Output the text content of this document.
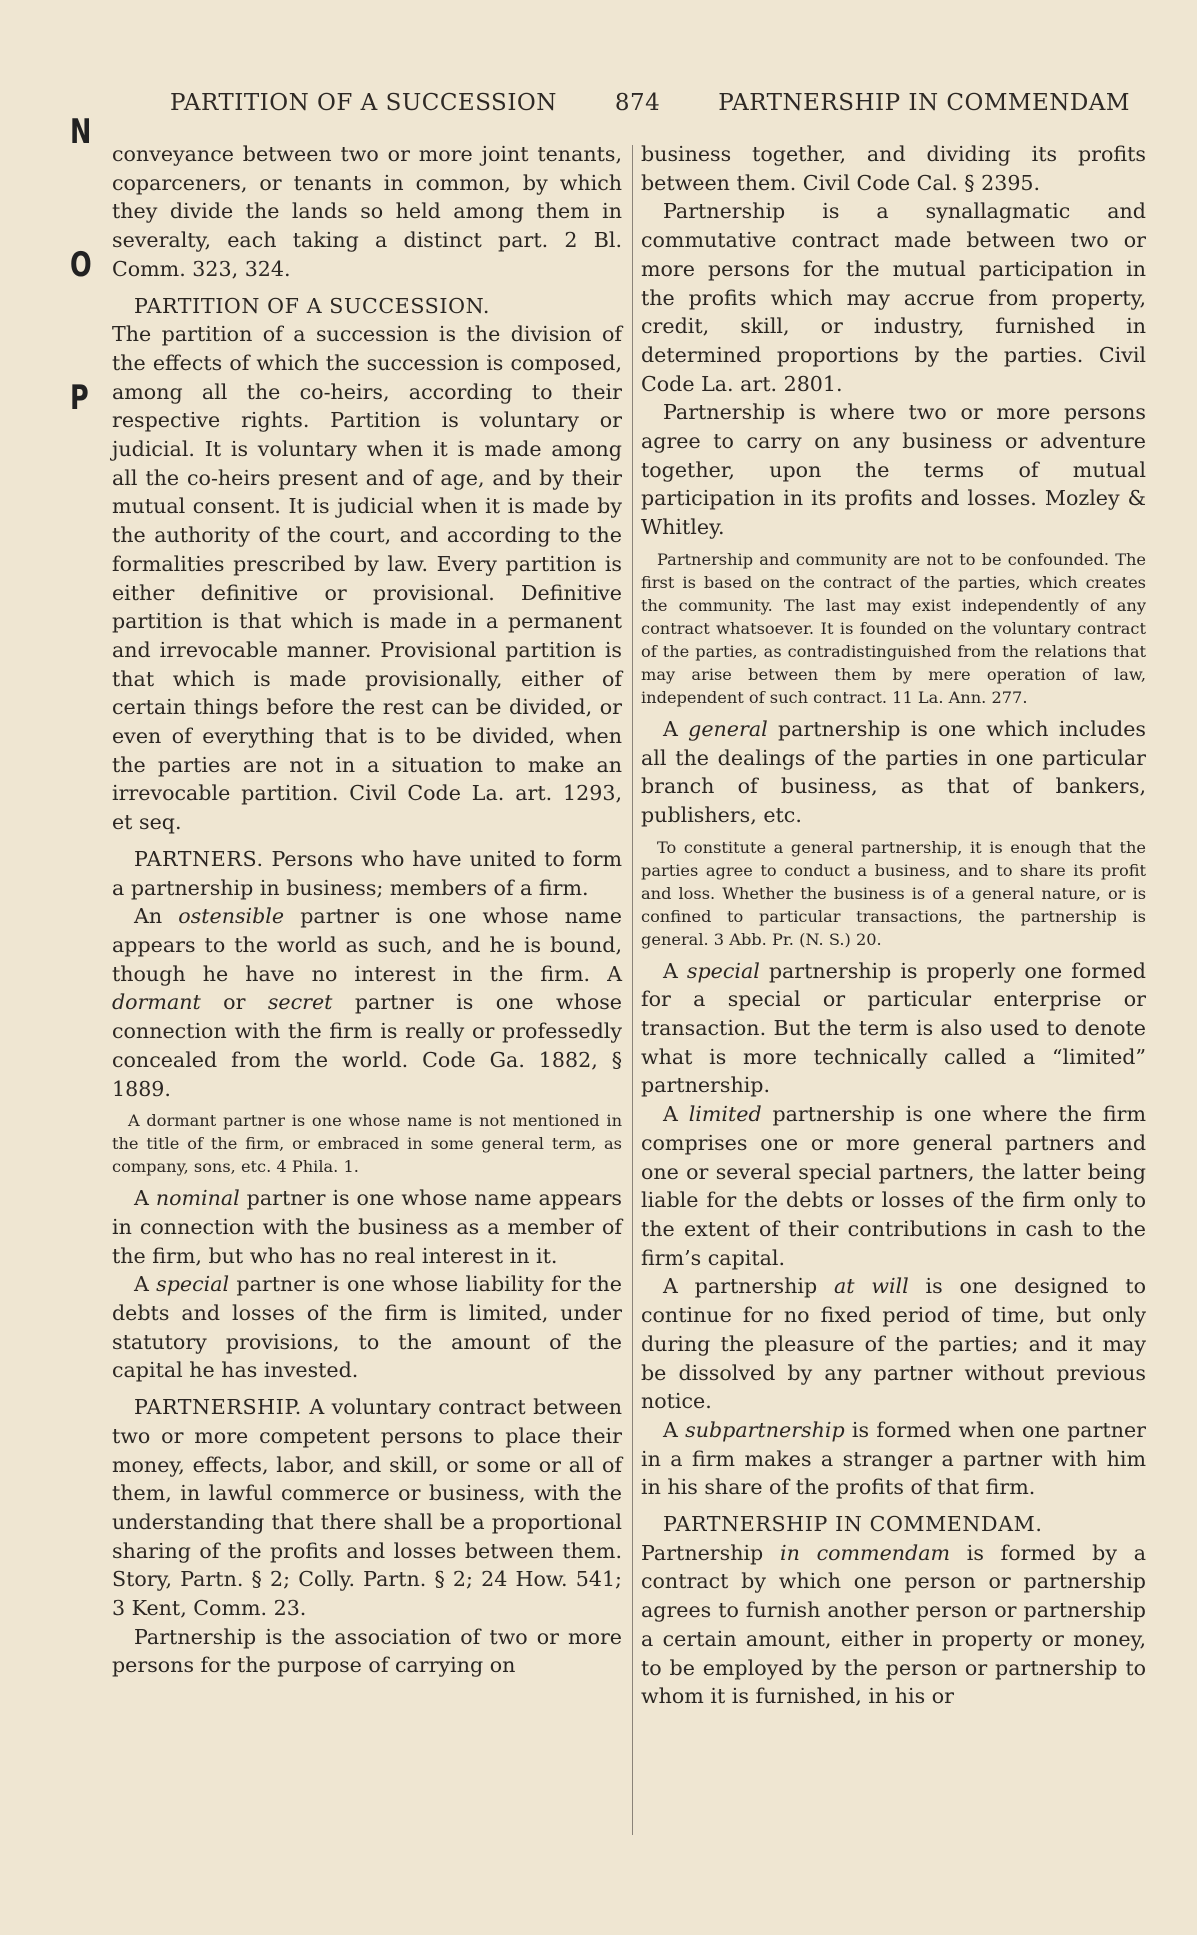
PARTITION OF A SUCCESSION	874	PARTNERSHIP IN COMMENDAM
N
O
P

conveyance between two or more joint tenants, coparceners, or tenants in common, by which they divide the lands so held among them in severalty, each taking a distinct part. 2 Bl. Comm. 323, 324.

PARTITION OF A SUCCESSION.

The partition of a succession is the division of the effects of which the succession is composed, among all the co-heirs, according to their respective rights. Partition is voluntary or judicial. It is voluntary when it is made among all the co-heirs present and of age, and by their mutual consent. It is judicial when it is made by the authority of the court, and according to the formalities prescribed by law. Every partition is either definitive or provisional. Definitive partition is that which is made in a permanent and irrevocable manner. Provisional partition is that which is made provisionally, either of certain things before the rest can be divided, or even of everything that is to be divided, when the parties are not in a situation to make an irrevocable partition. Civil Code La. art. 1293, et seq.

PARTNERS. Persons who have united to form a partnership in business; members of a firm.

An ostensible partner is one whose name appears to the world as such, and he is bound, though he have no interest in the firm. A dormant or secret partner is one whose connection with the firm is really or professedly concealed from the world. Code Ga. 1882, § 1889.

A dormant partner is one whose name is not mentioned in the title of the firm, or embraced in some general term, as company, sons, etc. 4 Phila. 1.

A nominal partner is one whose name appears in connection with the business as a member of the firm, but who has no real interest in it.

A special partner is one whose liability for the debts and losses of the firm is limited, under statutory provisions, to the amount of the capital he has invested.

PARTNERSHIP. A voluntary contract between two or more competent persons to place their money, effects, labor, and skill, or some or all of them, in lawful commerce or business, with the understanding that there shall be a proportional sharing of the profits and losses between them. Story, Partn. § 2; Colly. Partn. § 2; 24 How. 541; 3 Kent, Comm. 23.

Partnership is the association of two or more persons for the purpose of carrying on

business together, and dividing its profits between them. Civil Code Cal. § 2395.

Partnership is a synallagmatic and commutative contract made between two or more persons for the mutual participation in the profits which may accrue from property, credit, skill, or industry, furnished in determined proportions by the parties. Civil Code La. art. 2801.

Partnership is where two or more persons agree to carry on any business or adventure together, upon the terms of mutual participation in its profits and losses. Mozley & Whitley.

Partnership and community are not to be confounded. The first is based on the contract of the parties, which creates the community. The last may exist independently of any contract whatsoever. It is founded on the voluntary contract of the parties, as contradistinguished from the relations that may arise between them by mere operation of law, independent of such contract. 11 La. Ann. 277.

A general partnership is one which includes all the dealings of the parties in one particular branch of business, as that of bankers, publishers, etc.

To constitute a general partnership, it is enough that the parties agree to conduct a business, and to share its profit and loss. Whether the business is of a general nature, or is confined to particular transactions, the partnership is general. 3 Abb. Pr. (N. S.) 20.

A special partnership is properly one formed for a special or particular enterprise or transaction. But the term is also used to denote what is more technically called a “limited” partnership.

A limited partnership is one where the firm comprises one or more general partners and one or several special partners, the latter being liable for the debts or losses of the firm only to the extent of their contributions in cash to the firm’s capital.

A partnership at will is one designed to continue for no fixed period of time, but only during the pleasure of the parties; and it may be dissolved by any partner without previous notice.

A subpartnership is formed when one partner in a firm makes a stranger a partner with him in his share of the profits of that firm.

PARTNERSHIP IN COMMENDAM.

Partnership in commendam is formed by a contract by which one person or partnership agrees to furnish another person or partnership a certain amount, either in property or money, to be employed by the person or partnership to whom it is furnished, in his or
